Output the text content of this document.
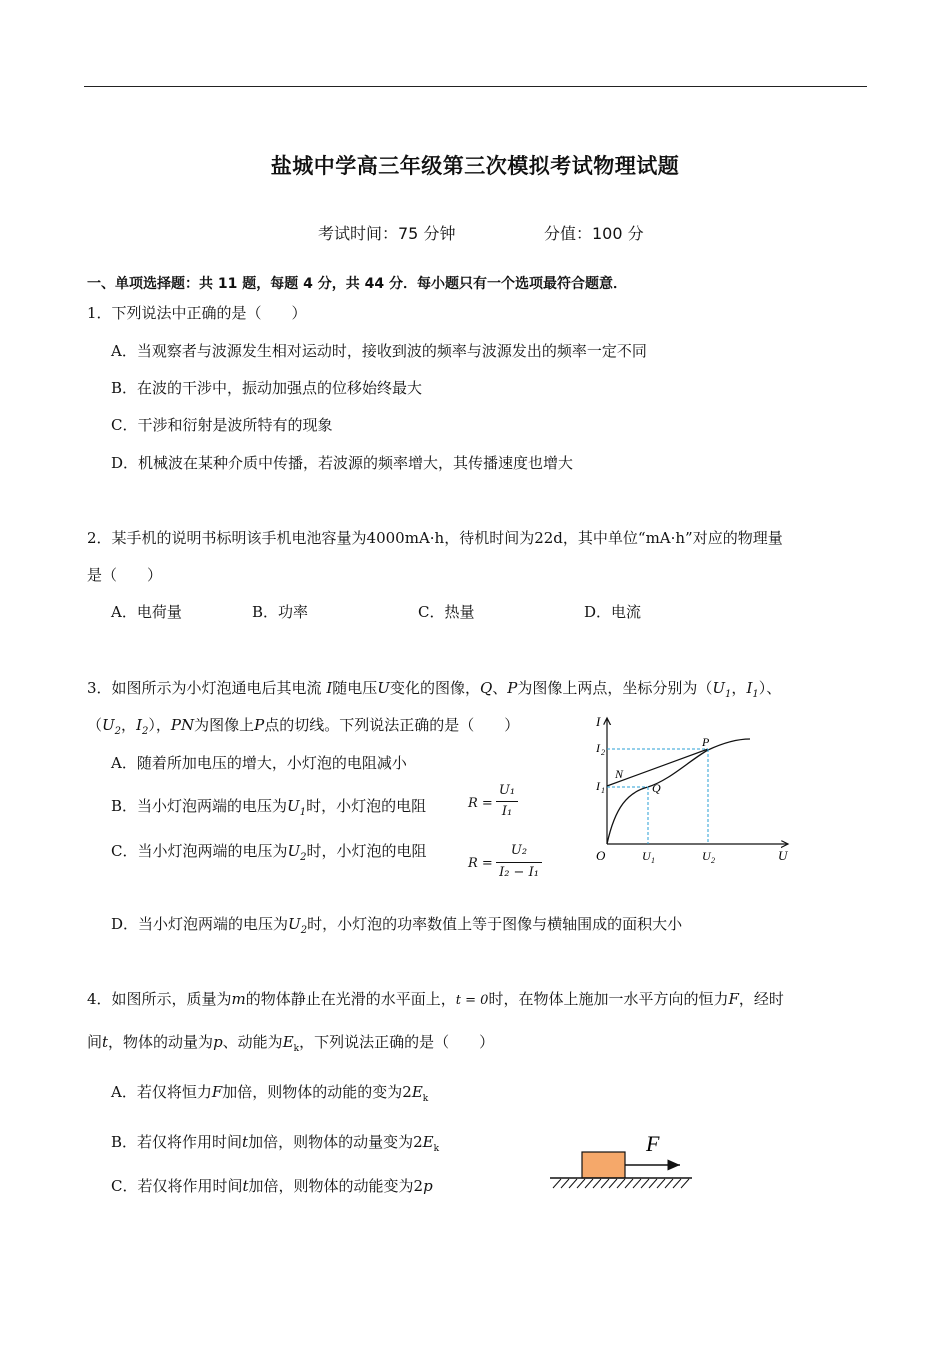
盐城中学高三年级第三次模拟考试物理试题
考试时间：75 分钟	分值：100 分
一、单项选择题：共 11 题，每题 4 分，共 44 分．每小题只有一个选项最符合题意．
1．下列说法中正确的是（　　）
A．当观察者与波源发生相对运动时，接收到波的频率与波源发出的频率一定不同
B．在波的干涉中，振动加强点的位移始终最大
C．干涉和衍射是波所特有的现象
D．机械波在某种介质中传播，若波源的频率增大，其传播速度也增大
2．某手机的说明书标明该手机电池容量为4000mA·h，待机时间为22d，其中单位“mA·h”对应的物理量
是（　　）
A．电荷量	B．功率	C．热量	D．电流
3．如图所示为小灯泡通电后其电流 I随电压U变化的图像，Q、P为图像上两点，坐标分别为（$U_1$，$I_1$）、
（$U_2$，$I_2$），PN为图像上P点的切线。下列说法正确的是（　　）
A．随着所加电压的增大，小灯泡的电阻减小
B．当小灯泡两端的电压为$U_1$时，小灯泡的电阻
C．当小灯泡两端的电压为$U_2$时，小灯泡的电阻
D．当小灯泡两端的电压为$U_2$时，小灯泡的功率数值上等于图像与横轴围成的面积大小
R =
U₁
I₁
R =
U₂
I₂ − I₁
I
U
O
I 2
I 1
U 1	U 2
P
N
Q
4．如图所示，质量为m的物体静止在光滑的水平面上，t = 0时，在物体上施加一水平方向的恒力F，经时
间t，物体的动量为p、动能为$E_k$，下列说法正确的是（　　）
A．若仅将恒力F加倍，则物体的动能的变为$2E_k$
B．若仅将作用时间t加倍，则物体的动量变为$2E_k$
C．若仅将作用时间t加倍，则物体的动能变为2p
F
